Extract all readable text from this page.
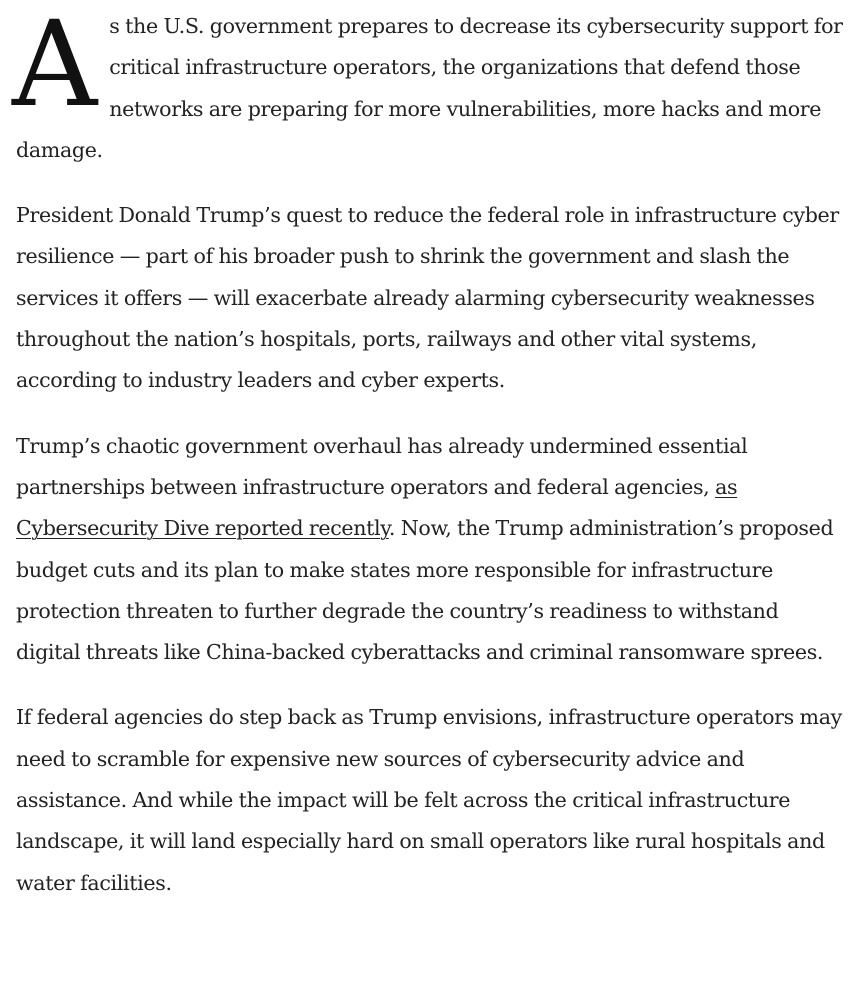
As the U.S. government prepares to decrease its cybersecurity support for critical infrastructure operators, the organizations that defend those networks are preparing for more vulnerabilities, more hacks and more damage.

President Donald Trump’s quest to reduce the federal role in infrastructure cyber resilience — part of his broader push to shrink the government and slash the services it offers — will exacerbate already alarming cybersecurity weaknesses throughout the nation’s hospitals, ports, railways and other vital systems, according to industry leaders and cyber experts.

Trump’s chaotic government overhaul has already undermined essential partnerships between infrastructure operators and federal agencies, as Cybersecurity Dive reported recently. Now, the Trump administration’s proposed budget cuts and its plan to make states more responsible for infrastructure protection threaten to further degrade the country’s readiness to withstand digital threats like China-backed cyberattacks and criminal ransomware sprees.

If federal agencies do step back as Trump envisions, infrastructure operators may need to scramble for expensive new sources of cybersecurity advice and assistance. And while the impact will be felt across the critical infrastructure landscape, it will land especially hard on small operators like rural hospitals and water facilities.
